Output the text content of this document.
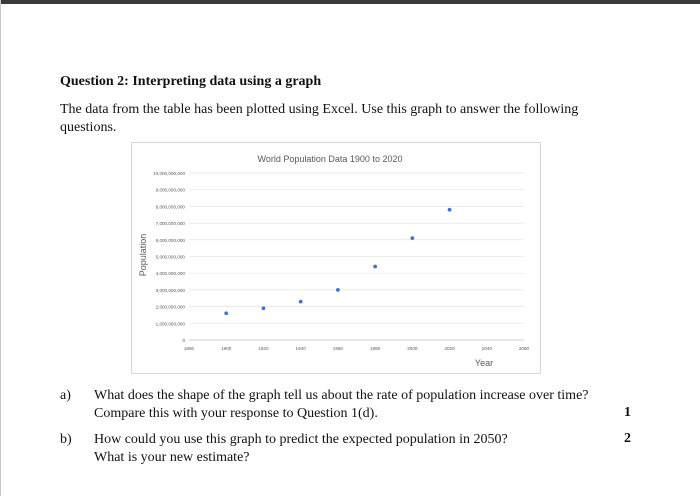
Question 2: Interpreting data using a graph
The data from the table has been plotted using Excel. Use this graph to answer the following questions.
World Population Data 1900 to 2020
0
1,000,000,000
2,000,000,000
3,000,000,000
4,000,000,000
5,000,000,000
6,000,000,000
7,000,000,000
8,000,000,000
9,000,000,000
10,000,000,000
1880	1900	1920	1940	1960	1980	2000	2020	2040	2060
Year
Population
a) What does the shape of the graph tell us about the rate of population increase over time?
Compare this with your response to Question 1(d).	1
b) How could you use this graph to predict the expected population in 2050?
What is your new estimate?
2
